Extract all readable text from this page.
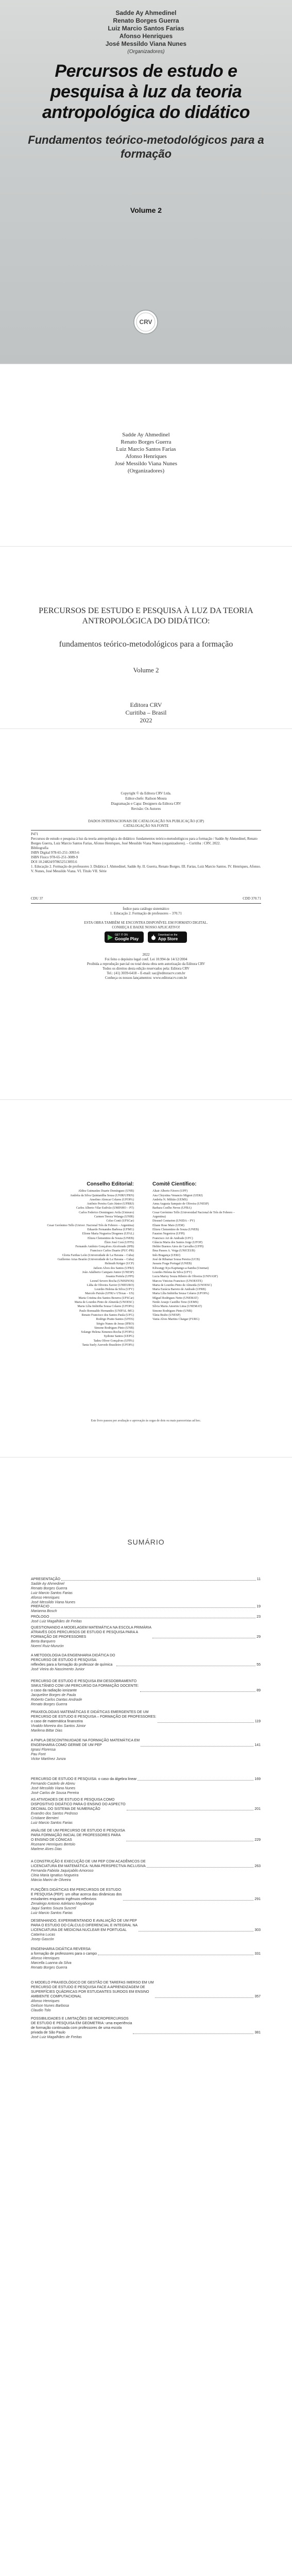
Sadde Ay Ahmedinel
Renato Borges Guerra
Luiz Marcio Santos Farias
Afonso Henriques
José Messildo Viana Nunes
(Organizadores)
Percursos de estudo e pesquisa à luz da teoria antropológica do didático
Fundamentos teórico-metodológicos para a formação
Volume 2
CRV
Sadde Ay Ahmedinel
Renato Borges Guerra
Luiz Marcio Santos Farias
Afonso Henriques
José Messildo Viana Nunes
(Organizadores)
PERCURSOS DE ESTUDO E PESQUISA À LUZ DA TEORIA ANTROPOLÓGICA DO DIDÁTICO:
fundamentos teórico-metodológicos para a formação
Volume 2
Editora CRV
Curitiba – Brasil
2022
Copyright © da Editora CRV Ltda.
Editor-chefe: Railson Moura
Diagramação e Capa: Designers da Editora CRV
Revisão: Os Autores
DADOS INTERNACIONAIS DE CATALOGAÇÃO NA PUBLICAÇÃO (CIP)
CATALOGAÇÃO NA FONTE
P471
Percursos de estudo e pesquisa à luz da teoria antropológica do didático: fundamentos teórico-metodológicos para a formação / Sadde Ay Ahmedinel, Renato Borges Guerra, Luiz Marcio Santos Farias, Afonso Henriques, José Messildo Viana Nunes (organizadores). – Curitiba : CRV, 2022.
Bibliografia
ISBN Digital 978-65-251-3093-6
ISBN Físico 978-65-251-3089-9
DOI 10.24824/978652513093.6
1. Educação 2. Formação de professores 3. Didática I. Ahmedinel, Sadde Ay. II. Guerra, Renato Borges. III. Farias, Luiz Marcio Santos. IV. Henriques, Afonso. V. Nunes, José Messildo Viana. VI. Título VII. Série
CDU 37	CDD 370.71
Índice para catálogo sistemático
1. Educação 2. Formação de professores – 370.71
ESTA OBRA TAMBÉM SE ENCONTRA DISPONÍVEL EM FORMATO DIGITAL.
CONHEÇA E BAIXE NOSSO APLICATIVO!
GET IT ON
Google Play
Download on the
App Store
2022
Foi feito o depósito legal conf. Lei 10.994 de 14/12/2004
Proibida a reprodução parcial ou total desta obra sem autorização da Editora CRV
Todos os direitos desta edição reservados pela: Editora CRV
Tel.: (41) 3039-6418 – E-mail: sac@editoracrv.com.br
Conheça os nossos lançamentos: www.editoracrv.com.br
Conselho Editorial:
Aldira Guimarães Duarte Domínguez (UNB)
Andréia da Silva Quintanilha Sousa (UNIR/UFRN)
Anselmo Alencar Colares (UFOPA)
Antônio Pereira Gaio Júnior (UFRRJ)
Carlos Alberto Vilar Estêvão (UMINHO – PT)
Carlos Federico Dominguez Avila (Unieuro)
Carmen Tereza Velanga (UNIR)
Celso Conti (UFSCar)
Cesar Gerónimo Tello (Univer .Nacional Três de Febrero – Argentina)
Eduardo Fernandes Barbosa (UFMG)
Elione Maria Nogueira Diogenes (UFAL)
Elizeu Clementino de Souza (UNEB)
Élsio José Corá (UFFS)
Fernando Antônio Gonçalves Alcoforado (IPB)
Francisco Carlos Duarte (PUC-PR)
Gloria Fariñas León (Universidade de La Havana – Cuba)
Guillermo Arias Beatón (Universidade de La Havana – Cuba)
Helmuth Krüger (UCP)
Jailson Alves dos Santos (UFRJ)
João Adalberto Campato Junior (UNESP)
Josania Portela (UFPI)
Leonel Severo Rocha (UNISINOS)
Lídia de Oliveira Xavier (UNIEURO)
Lourdes Helena da Silva (UFV)
Marcelo Paixão (UFRJ e UTexas – US)
Maria Cristina dos Santos Bezerra (UFSCar)
Maria de Lourdes Pinto de Almeida (UNOESC)
Maria Lília Imbiriba Sousa Colares (UFOPA)
Paulo Romualdo Hernandes (UNIFAL-MG)
Renato Francisco dos Santos Paula (UFG)
Rodrigo Pratte-Santos (UFES)
Sérgio Nunes de Jesus (IFRO)
Simone Rodrigues Pinto (UNB)
Solange Helena Ximenes-Rocha (UFOPA)
Sydione Santos (UEPG)
Tadeu Oliver Gonçalves (UFPA)
Tania Suely Azevedo Brasileiro (UFOPA)
Comitê Científico:
Altair Alberto Fávero (UPF)
Ana Chrystina Venancio Mignot (UERJ)
Andréia N. Militão (UEMS)
Anna Augusta Sampaio de Oliveira (UNESP)
Barbara Coelho Neves (UFBA)
Cesar Gerónimo Tello (Universidad Nacional de Três de Febrero – Argentina)
Diosnel Centurion (UNIDA – PY)
Eliane Rose Maio (UEM)
Elizeu Clementino de Souza (UNEB)
Fauston Negreiros (UFPI)
Francisco Ari de Andrade (UFC)
Gláucia Maria dos Santos Jorge (UFOP)
Helder Buenos Aires de Carvalho (UFPI)
Ilma Passos A. Veiga (UNICEUB)
Inês Bragança (UERJ)
José de Ribamar Sousa Pereira (UCB)
Jussara Fraga Portugal (UNEB)
Kilwangy Kya Kapitango-a-Samba (Unemat)
Lourdes Helena da Silva (UFV)
Lucia Marisy Souza Ribeiro de Oliveira (UNIVASF)
Marcos Vinicius Francisco (UNOESTE)
Maria de Lourdes Pinto de Almeida (UNOESC)
Maria Eurácia Barreto de Andrade (UFRB)
Maria Lília Imbiriba Sousa Colares (UFOPA)
Míguel Rodrigues Netto (UNEMAT)
Neide Araujo Castilho Teno (UEMS)
Sílvia Maria Amorim Lima (UNEMAT)
Simone Rodrigues Pinto (UNB)
Tânia Brabo (UNESP)
Vania Alves Martins Chaigar (FURG)
Este livro passou por avaliação e aprovação às cegas de dois ou mais pareceristas ad hoc.
SUMÁRIO
APRESENTAÇÃO	11
Sadde Ay Ahmedinel
Renato Borges Guerra
Luiz Marcio Santos Farias
Afonso Henriques
José Messildo Viana Nunes
PREFÁCIO	19
Marianna Bosch
PRÓLOGO	23
José Luiz Magalhães de Freitas
QUESTIONANDO A MODELAGEM MATEMÁTICA NA ESCOLA PRIMÁRIA
ATRAVÉS DOS PERCURSOS DE ESTUDO E PESQUISA PARA A
FORMAÇÃO DE PROFESSORES	29
Berta Barquero
Noemí Ruiz-Munzón
A METODOLOGIA DA ENGENHARIA DIDÁTICA DO
PERCURSO DE ESTUDO E PESQUISA:
reflexões para a formação do professor de química	55
José Vieira do Nascimento Junior
PERCURSO DE ESTUDO E PESQUISA EM DESDOBRAMENTO
SIMULTÂNEO COM UM PERCURSO DA FORMAÇÃO DOCENTE:
o caso da radiação ionizante	89
Jacqueline Borges de Paula
Roberto Carlos Dantas Andrade
Renato Borges Guerra
PRAXEOLOGIAS MATEMÁTICAS E DIDÁTICAS EMERGENTES DE UM
PERCURSO DE ESTUDO E PESQUISA – FORMAÇÃO DE PROFESSORES:
o caso de matemática financeira	119
Vivaldo Moreira dos Santos Júnior
Marilena Bittar Dias
A FNPLA DESCONTINUIDADE NA FORMAÇÃO MATEMÁTICA EM
ENGENHARIA COMO GERME DE UM PEP	141
Ignasi Florensa
Pau Font
Victor Martínez Junza
PERCURSO DE ESTUDO E PESQUISA: o caso da álgebra linear	169
Fernando Castelo de Abreu
José Messildo Viana Nunes
José Carlos de Sousa Pereira
AS ATIVIDADES DE ESTUDO E PESQUISA COMO
DISPOSITIVO DIDÁTICO PARA O ENSINO DO ASPECTO
DECIMAL DO SISTEMA DE NUMERAÇÃO	201
Evandro dos Santos Pedroso
Cristiane Bernieri
Luiz Marcio Santos Farias
ANÁLISE DE UM PERCURSO DE ESTUDO E PESQUISA
PARA FORMAÇÃO INICIAL DE PROFESSORES PARA
O ENSINO DE CÔNICAS	229
Rozeane Henriques Bertolo
Marlene Alves Dias
A CONSTRUÇÃO E EXECUÇÃO DE UM PEP COM ACADÊMICOS DE
LICENCIATURA EM MATEMÁTICA: NUMA PERSPECTIVA INCLUSIVA	263
Fernanda Fabiola Jaquiçabilo Amoroso
Cleia Maria Ignatius Nogueira
Márcia Marini de Oliveira
FUNÇÕES DIDÁTICAS EM PERCURSOS DE ESTUDO
E PESQUISA (PEP): um olhar acerca das dinâmicas dos
estudantes enquanto ingênuos reflexivos	291
Zenaleigo Antonio Adeliano Mayaborga
Jaqui Santos Souza Suscrel
Luiz Marcio Santos Farias
DESENHANDO, EXPERIMENTANDO E AVALIAÇÃO DE UM PEP
PARA O ESTUDO DO CÁLCULO DIFERENCIAL E INTEGRAL NA
LICENCIATURA DE MEDICINA NUCLEAR EM PORTUGAL	303
Catarina Lucas
Josep Gascón
ENGENHARIA DIDÁTICA REVERSA:
a formação de professores para o campo	331
Afonso Henriques
Marcella Luanna da Silva
Renato Borges Guerra
O MODELO PRAXEOLÓGICO DE GESTÃO DE TAREFAS IMERSO EM UM
PERCURSO DE ESTUDO E PESQUISA FACE A APRENDIZAGEM DE
SUPERFÍCIES QUÁDRICAS POR ESTUDANTES SURDOS EM ENSINO
AMBIENTE COMPUTACIONAL	357
Afonso Henriques
Geilson Nunes Barbosa
Claudio Tolo
POSSIBILIDADES E LIMITAÇÕES DE MICROPERCURSOS
DE ESTUDO E PESQUISA EM GEOMETRIA: uma experiência
de formação continuada com professores de uma escola
privada de São Paulo	381
José Luiz Magalhães de Freitas
